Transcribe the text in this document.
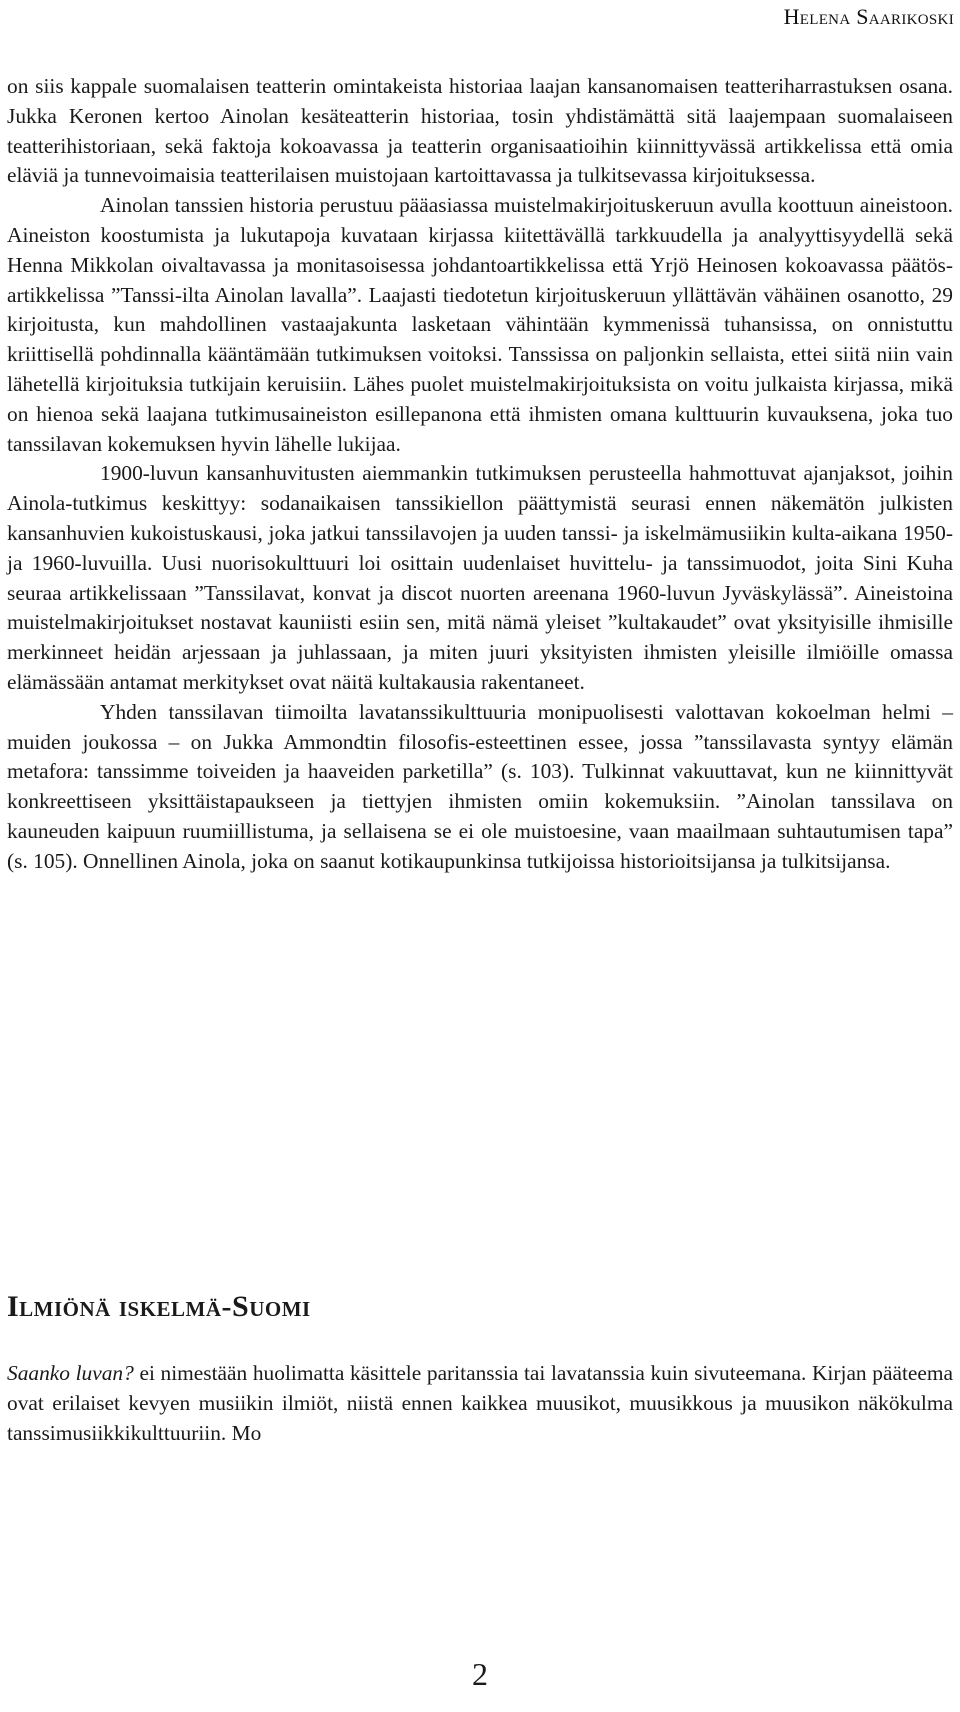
Helena Saarikoski

on siis kappale suomalaisen teatterin omintakeista historiaa laajan kansanomaisen teatteriharrastuksen osana. Jukka Keronen kertoo Ainolan kesäteatterin historiaa, tosin yhdistämättä sitä laajempaan suomalaiseen teatterihistoriaan, sekä faktoja kokoavassa ja teatterin organisaatioihin kiinnittyvässä artikkelissa että omia eläviä ja tunnevoimaisia teatterilaisen muistojaan kartoittavassa ja tulkitsevassa kirjoituksessa.

Ainolan tanssien historia perustuu pääasiassa muistelmakirjoituskeruun avulla koottuun aineistoon. Aineiston koostumista ja lukutapoja kuvataan kirjassa kiitettävällä tarkkuudella ja analyyttisyydellä sekä Henna Mikkolan oivaltavassa ja monitasoisessa johdantoartikkelissa että Yrjö Heinosen kokoavassa päätösartikkelissa ”Tanssi-ilta Ainolan lavalla”. Laajasti tiedotetun kirjoituskeruun yllättävän vähäinen osanotto, 29 kirjoitusta, kun mahdollinen vastaajakunta lasketaan vähintään kymmenissä tuhansissa, on onnistuttu kriittisellä pohdinnalla kääntämään tutkimuksen voitoksi. Tanssissa on paljonkin sellaista, ettei siitä niin vain lähetellä kirjoituksia tutkijain keruisiin. Lähes puolet muistelmakirjoituksista on voitu julkaista kirjassa, mikä on hienoa sekä laajana tutkimusaineiston esillepanona että ihmisten omana kulttuurin kuvauksena, joka tuo tanssilavan kokemuksen hyvin lähelle lukijaa.

1900-luvun kansanhuvitusten aiemmankin tutkimuksen perusteella hahmottuvat ajanjaksot, joihin Ainola-tutkimus keskittyy: sodanaikaisen tanssikiellon päättymistä seurasi ennen näkemätön julkisten kansanhuvien kukoistuskausi, joka jatkui tanssilavojen ja uuden tanssi- ja iskelmämusiikin kulta-aikana 1950- ja 1960-luvuilla. Uusi nuorisokulttuuri loi osittain uudenlaiset huvittelu- ja tanssimuodot, joita Sini Kuha seuraa artikkelissaan ”Tanssilavat, konvat ja discot nuorten areenana 1960-luvun Jyväskylässä”. Aineistoina muistelmakirjoitukset nostavat kauniisti esiin sen, mitä nämä yleiset ”kultakaudet” ovat yksityisille ihmisille merkinneet heidän arjessaan ja juhlassaan, ja miten juuri yksityisten ihmisten yleisille ilmiöille omassa elämässään antamat merkitykset ovat näitä kultakausia rakentaneet.

Yhden tanssilavan tiimoilta lavatanssikulttuuria monipuolisesti valottavan kokoelman helmi – muiden joukossa – on Jukka Ammondtin filosofis-esteettinen essee, jossa ”tanssilavasta syntyy elämän metafora: tanssimme toiveiden ja haaveiden parketilla” (s. 103). Tulkinnat vakuuttavat, kun ne kiinnittyvät konkreettiseen yksittäistapaukseen ja tiettyjen ihmisten omiin kokemuksiin. ”Ainolan tanssilava on kauneuden kaipuun ruumiillistuma, ja sellaisena se ei ole muistoesine, vaan maailmaan suhtautumisen tapa” (s. 105). Onnellinen Ainola, joka on saanut kotikaupunkinsa tutkijoissa historioitsijansa ja tulkitsijansa.

Ilmiönä iskelmä-Suomi

Saanko luvan? ei nimestään huolimatta käsittele paritanssia tai lavatanssia kuin sivuteemana. Kirjan pääteema ovat erilaiset kevyen musiikin ilmiöt, niistä ennen kaikkea muusikot, muusikkous ja muusikon näkökulma tanssimusiikkikulttuuriin. Mo

2
